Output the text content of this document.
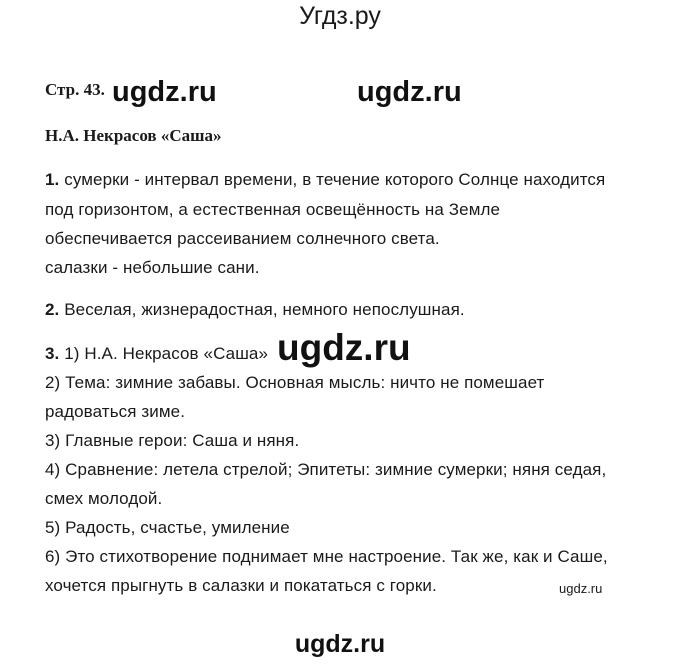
Угдз.ру
Стр. 43. ugdz.ru	ugdz.ru
Н.А. Некрасов «Саша»
1. сумерки - интервал времени, в течение которого Солнце находится
под горизонтом, а естественная освещённость на Земле
обеспечивается рассеиванием солнечного света.
салазки - небольшие сани.
2. Веселая, жизнерадостная, немного непослушная.
3. 1) Н.А. Некрасов «Саша» ugdz.ru
2) Тема: зимние забавы. Основная мысль: ничто не помешает
радоваться зиме.
3) Главные герои: Саша и няня.
4) Сравнение: летела стрелой; Эпитеты: зимние сумерки; няня седая,
смех молодой.
5) Радость, счастье, умиление
6) Это стихотворение поднимает мне настроение. Так же, как и Саше,
хочется прыгнуть в салазки и покататься с горки.	ugdz.ru
ugdz.ru
